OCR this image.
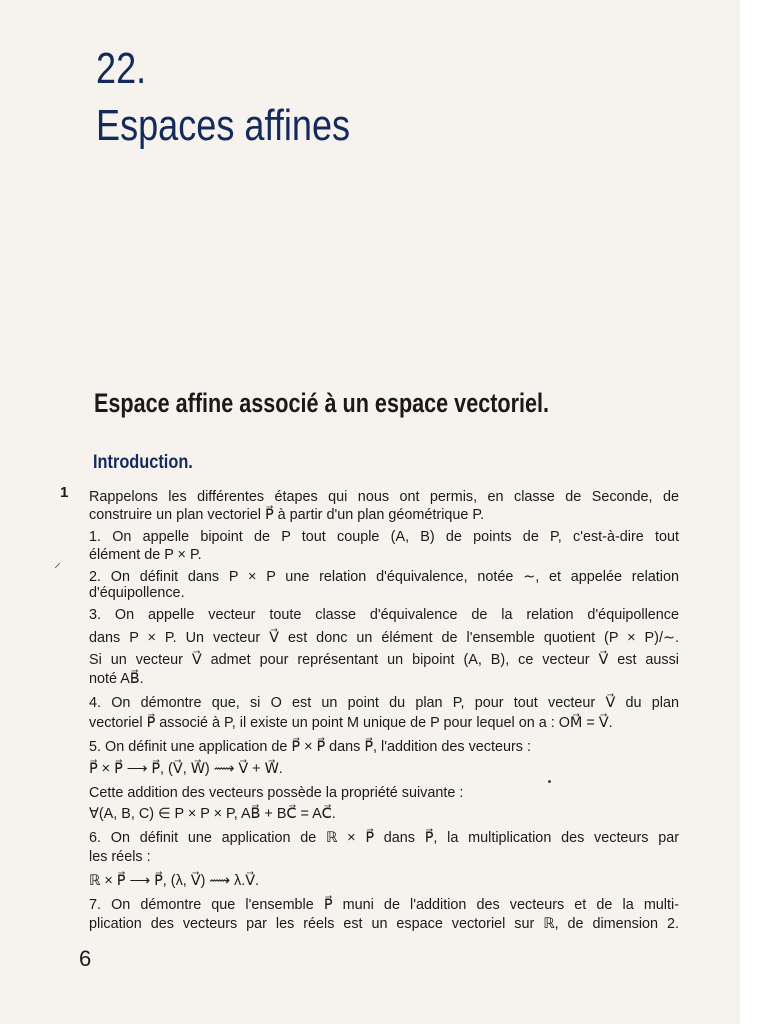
22.
Espaces affines
Espace affine associé à un espace vectoriel.
Introduction.
1
⸝
Rappelons les différentes étapes qui nous ont permis, en classe de Seconde, de
construire un plan vectoriel P⃗ à partir d'un plan géométrique P.
1. On appelle bipoint de P tout couple (A, B) de points de P, c'est-à-dire tout
élément de P × P.
2. On définit dans P × P une relation d'équivalence, notée ∼, et appelée relation
d'équipollence.
3. On appelle vecteur toute classe d'équivalence de la relation d'équipollence
dans P × P. Un vecteur V⃗ est donc un élément de l'ensemble quotient (P × P)/∼.
Si un vecteur V⃗ admet pour représentant un bipoint (A, B), ce vecteur V⃗ est aussi
noté AB⃗.
4. On démontre que, si O est un point du plan P, pour tout vecteur V⃗ du plan
vectoriel P⃗ associé à P, il existe un point M unique de P pour lequel on a : OM⃗ = V⃗.
5. On définit une application de P⃗ × P⃗ dans P⃗, l'addition des vecteurs :
P⃗ × P⃗ ⟶ P⃗, (V⃗, W⃗) ⟿ V⃗ + W⃗.
Cette addition des vecteurs possède la propriété suivante :
∀(A, B, C) ∈ P × P × P, AB⃗ + BC⃗ = AC⃗.
6. On définit une application de ℝ × P⃗ dans P⃗, la multiplication des vecteurs par
les réels :
ℝ × P⃗ ⟶ P⃗, (λ, V⃗) ⟿ λ.V⃗.
7. On démontre que l'ensemble P⃗ muni de l'addition des vecteurs et de la multi-
plication des vecteurs par les réels est un espace vectoriel sur ℝ, de dimension 2.
6
